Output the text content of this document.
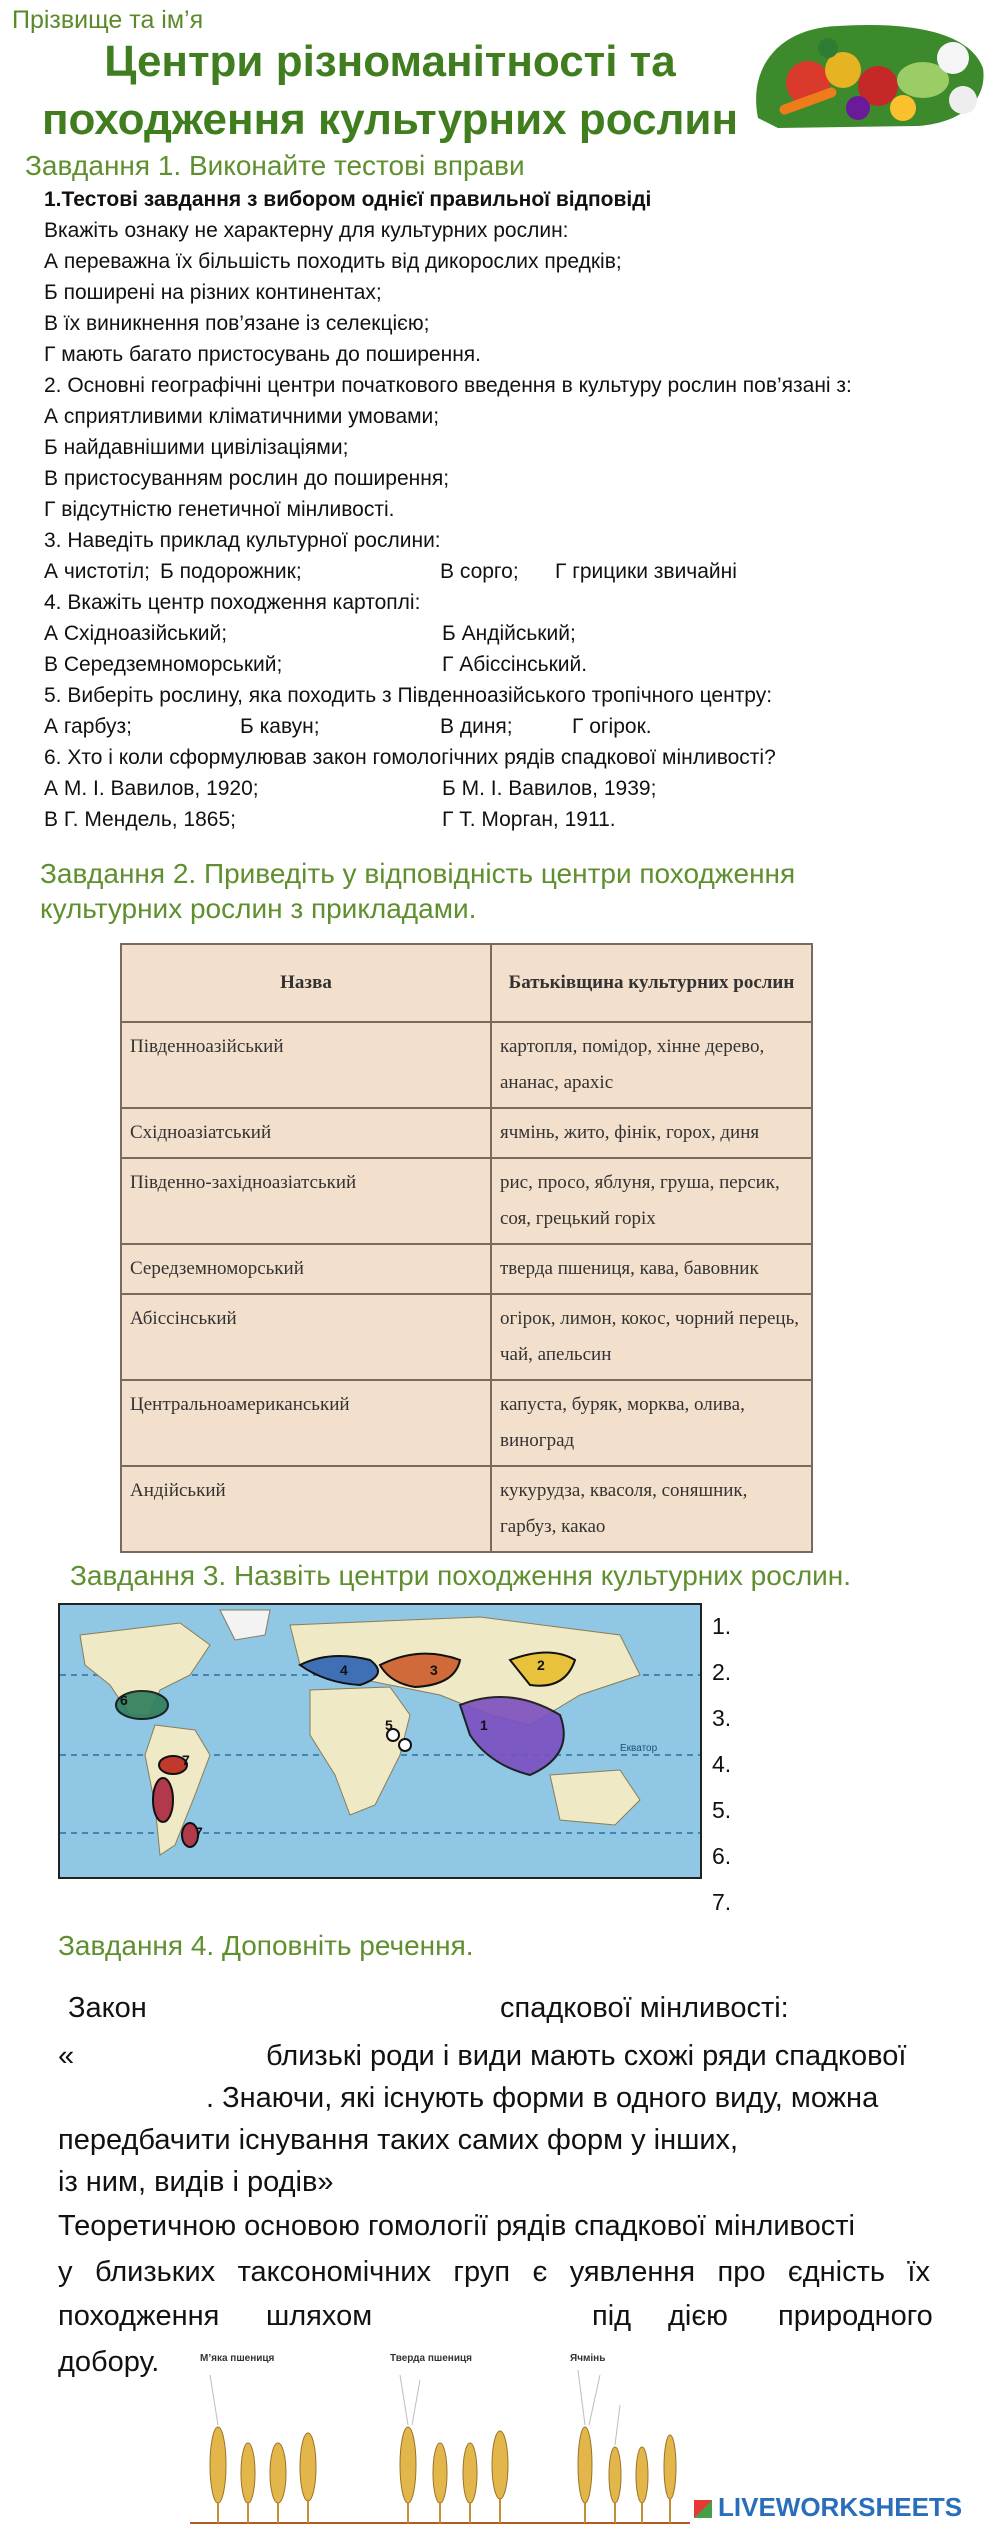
Прізвище та ім’я
Центри різноманітності та
походження культурних рослин
Завдання 1. Виконайте тестові вправи
1.Тестові завдання з вибором однієї правильної відповіді
Вкажіть ознаку не характерну для культурних рослин:
А переважна їх більшість походить від дикорослих предків;
Б поширені на різних континентах;
В їх виникнення пов’язане із селекцією;
Г мають багато пристосувань до поширення.
2. Основні географічні центри початкового введення в культуру рослин пов’язані з:
А сприятливими кліматичними умовами;
Б найдавнішими цивілізаціями;
В пристосуванням рослин до поширення;
Г відсутністю генетичної мінливості.
3. Наведіть приклад культурної рослини:
А чистотіл; Б подорожник;	В сорго; Г грицики звичайні
4. Вкажіть центр походження картоплі:
А Східноазійський;	Б Андійський;
В Середземноморський;	Г Абіссінський.
5. Виберіть рослину, яка походить з Південноазійського тропічного центру:
А гарбуз;	Б кавун;	В диня;	Г огірок.
6. Хто і коли сформулював закон гомологічних рядів спадкової мінливості?
А М. І. Вавилов, 1920;	Б М. І. Вавилов, 1939;
В Г. Мендель, 1865;	Г Т. Морган, 1911.
Завдання 2. Приведіть у відповідність центри походження
культурних рослин з прикладами.
Назва	Батьківщина культурних рослин
Південноазійський	картопля, помідор, хінне дерево, ананас, арахіс
Східноазіатський	ячмінь, жито, фінік, горох, диня
Південно-західноазіатський	рис, просо, яблуня, груша, персик, соя, грецький горіх
Середземноморський	тверда пшениця, кава, бавовник
Абіссінський	огірок, лимон, кокос, чорний перець, чай, апельсин
Центральноамериканський	капуста, буряк, морква, олива, виноград
Андійський	кукурудза, квасоля, соняшник, гарбуз, какао
Завдання 3. Назвіть центри походження культурних рослин.
Екватор
1
2
3
4
5
6
7
7
1.
2.
3.
4.
5.
6.
7.
Завдання 4. Доповніть речення.
Закон	спадкової мінливості:
«	близькі роди і види мають схожі ряди спадкової
. Знаючи, які існують форми в одного виду, можна
передбачити існування таких самих форм у інших,
із ним, видів і родів»
Теоретичною основою гомології рядів спадкової мінливості
у близьких таксономічних груп є уявлення про єдність їх
походження шляхом	під дією природного
добору.	М’яка пшениця	Тверда пшениця	Ячмінь
LIVEWORKSHEETS
